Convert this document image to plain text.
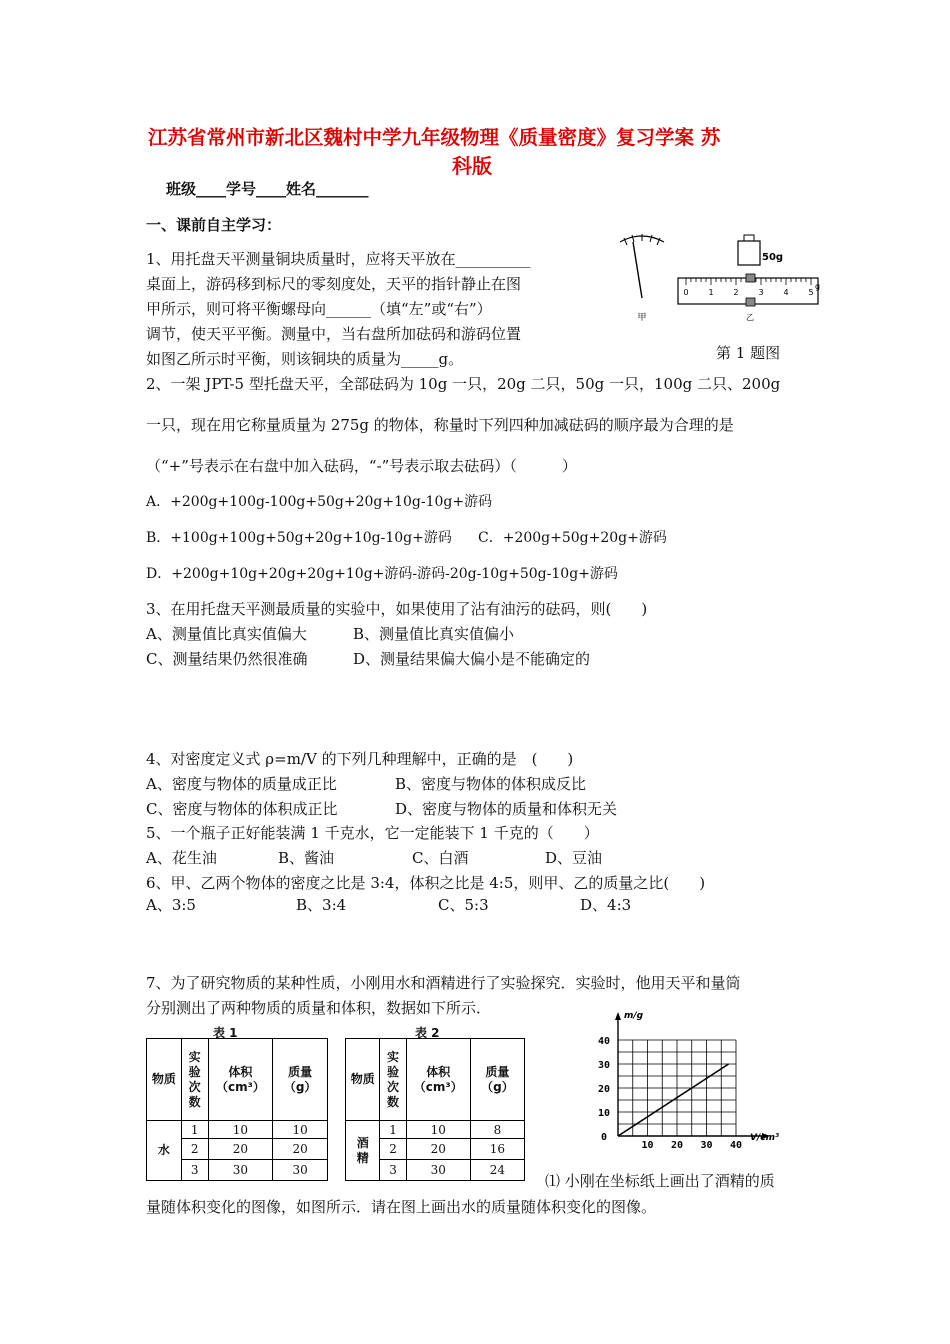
江苏省常州市新北区魏村中学九年级物理《质量密度》复习学案 苏
科版
班级____学号____姓名_______
一、课前自主学习：
1、用托盘天平测量铜块质量时，应将天平放在__________
桌面上，游码移到标尺的零刻度处，天平的指针静止在图
甲所示，则可将平衡螺母向______（填“左”或“右”）
调节，使天平平衡。测量中，当右盘所加砝码和游码位置
如图乙所示时平衡，则该铜块的质量为_____g。
甲
50g
0 1 2 3 4 5
g
乙
第 1 题图
2、一架 JPT-5 型托盘天平，全部砝码为 10g 一只，20g 二只，50g 一只，100g 二只、200g
一只，现在用它称量质量为 275g 的物体，称量时下列四种加减砝码的顺序最为合理的是
（“+”号表示在右盘中加入砝码，“-”号表示取去砝码）（　　　）
A．+200g+100g-100g+50g+20g+10g-10g+游码
B．+100g+100g+50g+20g+10g-10g+游码 C．+200g+50g+20g+游码
D．+200g+10g+20g+20g+10g+游码-游码-20g-10g+50g-10g+游码
3、在用托盘天平测最质量的实验中，如果使用了沾有油污的砝码，则(　　)
A、测量值比真实值偏大	B、测量值比真实值偏小
C、测量结果仍然很准确	D、测量结果偏大偏小是不能确定的
4、对密度定义式 ρ=m/V 的下列几种理解中，正确的是　(　　)
A、密度与物体的质量成正比	B、密度与物体的体积成反比
C、密度与物体的体积成正比	D、密度与物体的质量和体积无关
5、一个瓶子正好能装满 1 千克水，它一定能装下 1 千克的（　　）
A、花生油	B、酱油	C、白酒	D、豆油
6、甲、乙两个物体的密度之比是 3:4，体积之比是 4:5，则甲、乙的质量之比(　　)
A、3:5	B、3:4	C、5:3	D、4:3
7、为了研究物质的某种性质，小刚用水和酒精进行了实验探究．实验时，他用天平和量筒
分别测出了两种物质的质量和体积，数据如下所示．
表 1	表 2
物质	实验次数	体积（cm³）	质量（g）
水	1	10	10
	2	20	20
	3	30	30
物质	实验次数	体积（cm³）	质量（g）
酒精	1	10	8
	2	20	16
	3	30	24
10 20 30 40
0
10
20
30
40
V/cm³
m/g
⑴ 小刚在坐标纸上画出了酒精的质
量随体积变化的图像，如图所示．请在图上画出水的质量随体积变化的图像。
